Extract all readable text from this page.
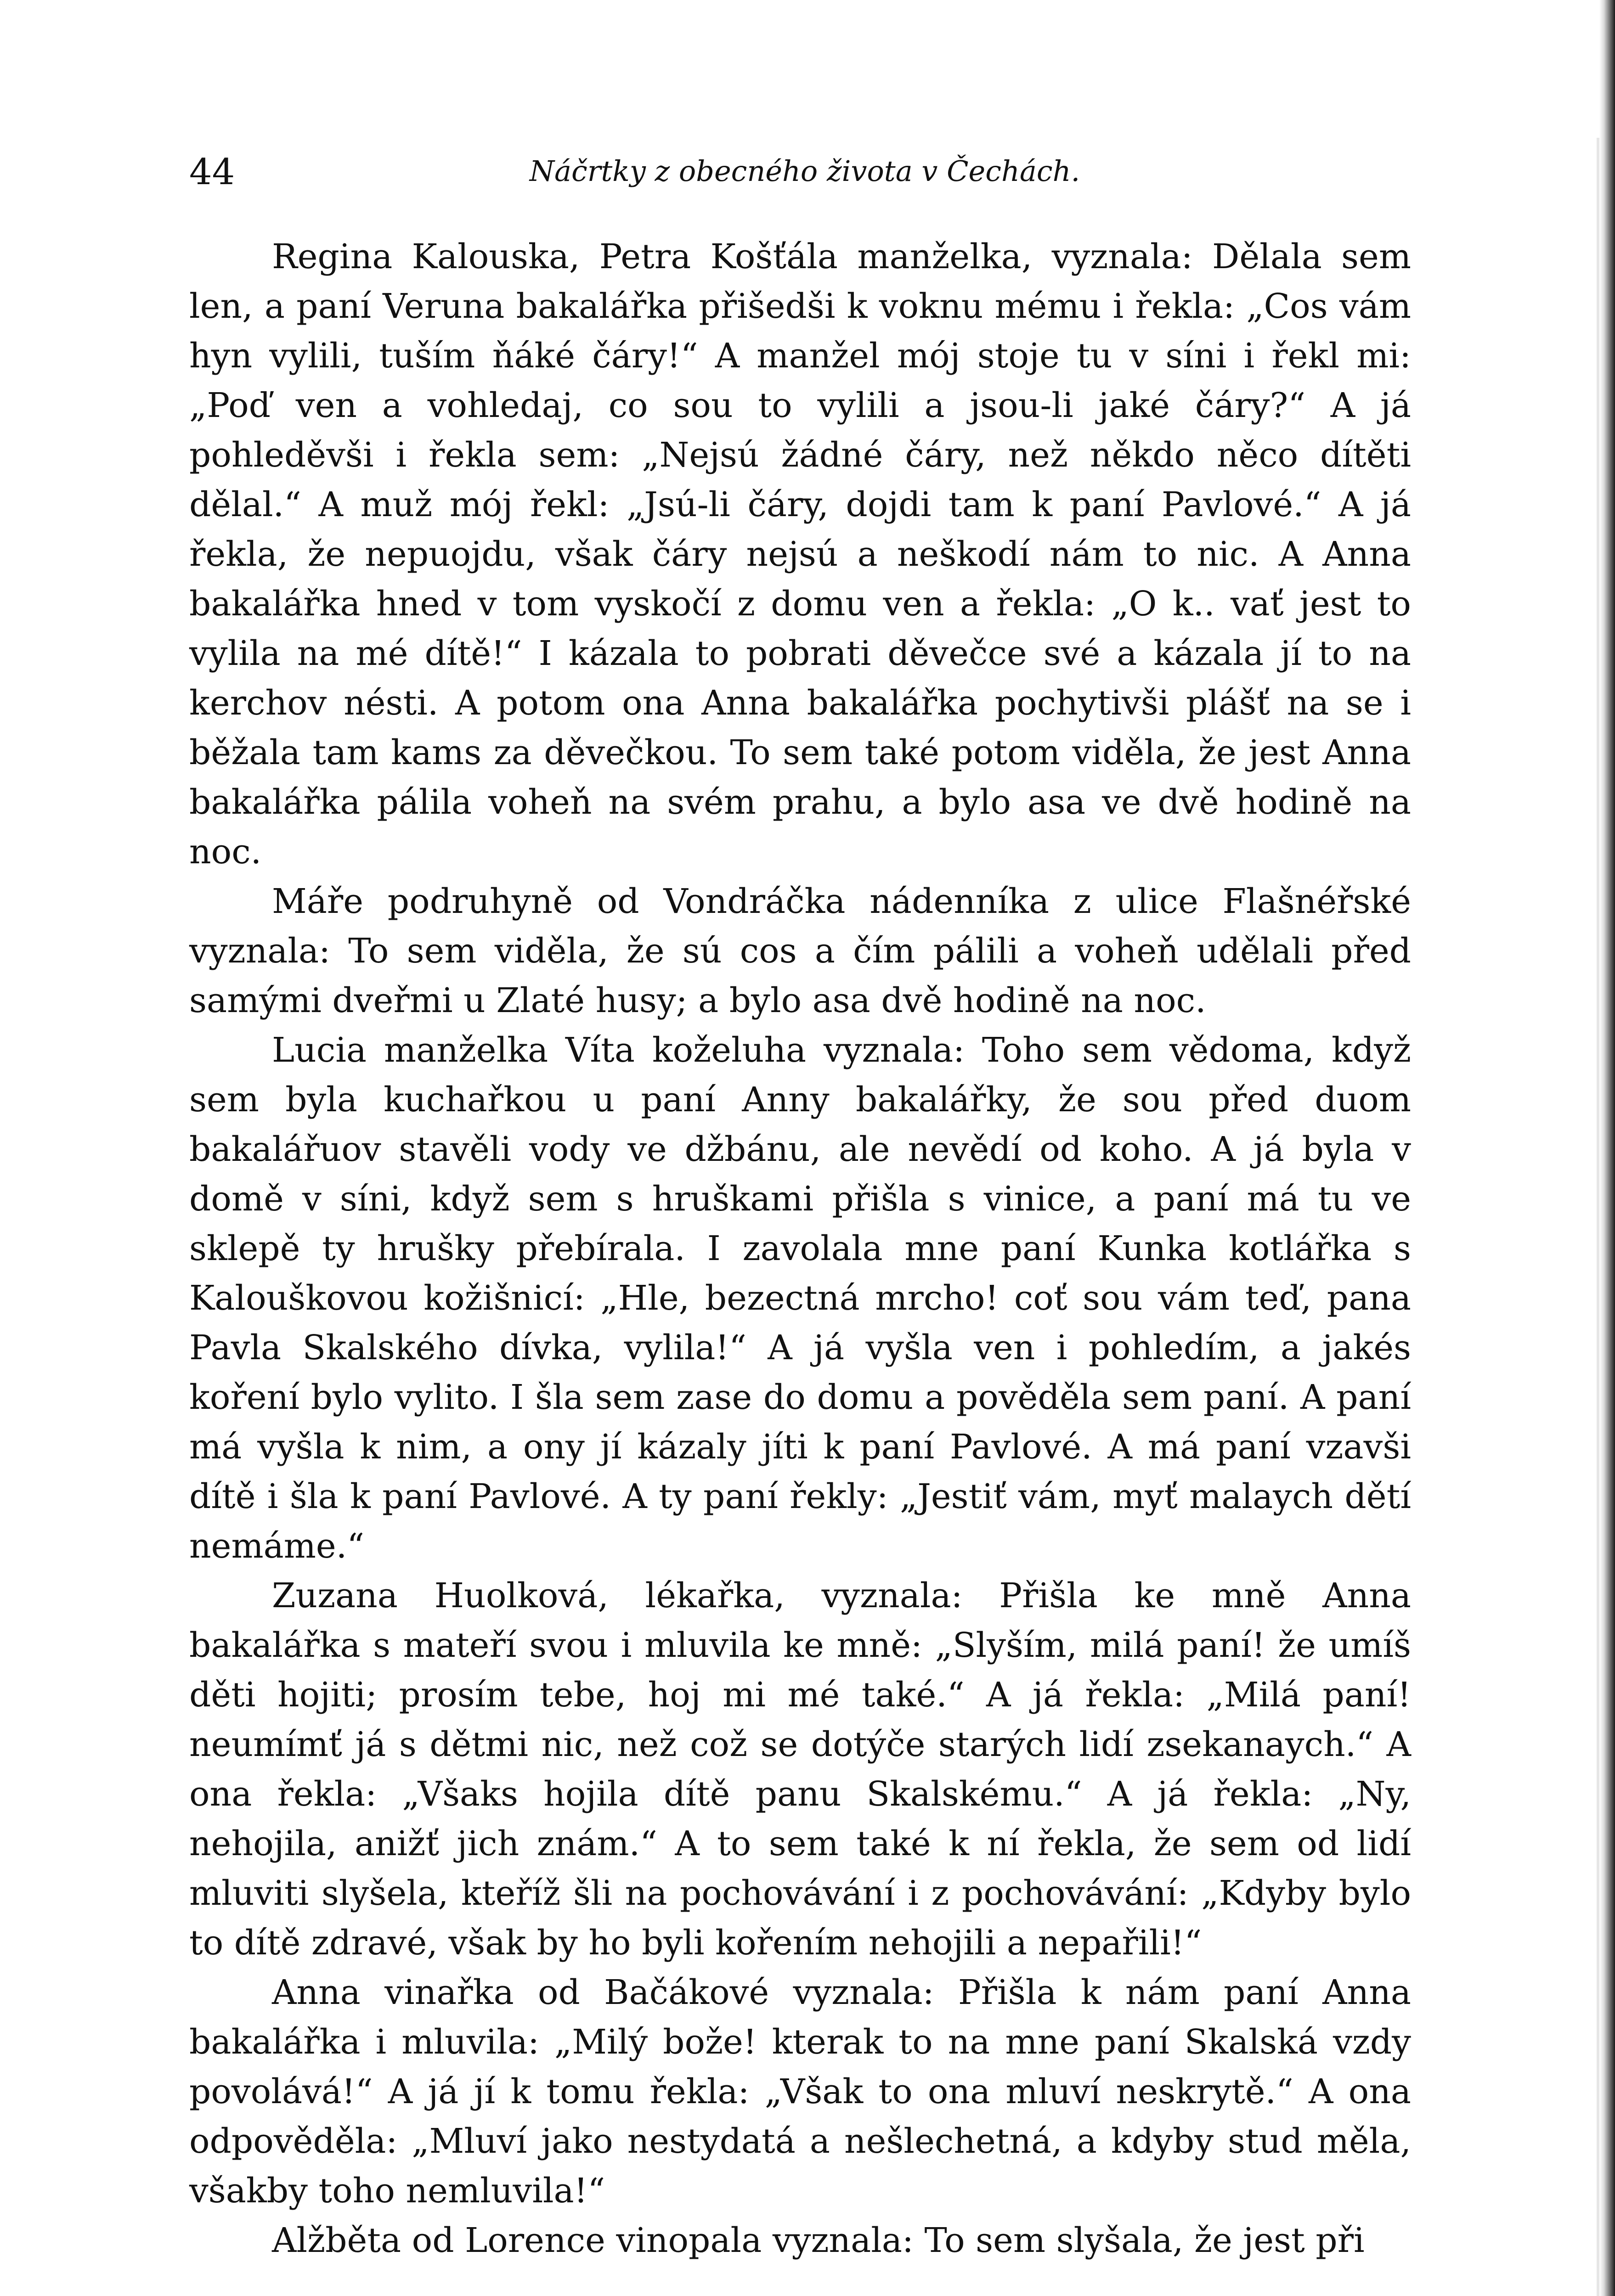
44	Náčrtky z obecného života v Čechách.

Regina Kalouska, Petra Košťála manželka, vyznala: Dělala sem len, a paní Veruna bakalářka přišedši k voknu mému i řekla: „Cos vám hyn vylili, tuším ňáké čáry!“ A manžel mój stoje tu v síni i řekl mi: „Poď ven a vohledaj, co sou to vylili a jsou-li jaké čáry?“ A já pohleděvši i řekla sem: „Nejsú žádné čáry, než někdo něco dítěti dělal.“ A muž mój řekl: „Jsú-li čáry, dojdi tam k paní Pavlové.“ A já řekla, že nepuojdu, však čáry nejsú a neškodí nám to nic. A Anna bakalářka hned v tom vyskočí z domu ven a řekla: „O k.. vať jest to vylila na mé dítě!“ I kázala to pobrati děvečce své a kázala jí to na kerchov nésti. A potom ona Anna bakalářka pochytivši plášť na se i běžala tam kams za děvečkou. To sem také potom viděla, že jest Anna bakalářka pálila voheň na svém prahu, a bylo asa ve dvě hodině na noc.

Máře podruhyně od Vondráčka nádenníka z ulice Flašnéřské vyznala: To sem viděla, že sú cos a čím pálili a voheň udělali před samými dveřmi u Zlaté husy; a bylo asa dvě hodině na noc.

Lucia manželka Víta koželuha vyznala: Toho sem vědoma, když sem byla kuchařkou u paní Anny bakalářky, že sou před duom bakalářuov stavěli vody ve džbánu, ale nevědí od koho. A já byla v domě v síni, když sem s hruškami přišla s vinice, a paní má tu ve sklepě ty hrušky přebírala. I zavolala mne paní Kunka kotlářka s Kalouškovou kožišnicí: „Hle, bezectná mrcho! coť sou vám teď, pana Pavla Skalského dívka, vylila!“ A já vyšla ven i pohledím, a jakés koření bylo vylito. I šla sem zase do domu a pověděla sem paní. A paní má vyšla k nim, a ony jí kázaly jíti k paní Pavlové. A má paní vzavši dítě i šla k paní Pavlové. A ty paní řekly: „Jestiť vám, myť malaych dětí nemáme.“

Zuzana Huolková, lékařka, vyznala: Přišla ke mně Anna bakalářka s mateří svou i mluvila ke mně: „Slyším, milá paní! že umíš děti hojiti; prosím tebe, hoj mi mé také.“ A já řekla: „Milá paní! neumímť já s dětmi nic, než což se dotýče starých lidí zsekanaych.“ A ona řekla: „Všaks hojila dítě panu Skalskému.“ A já řekla: „Ny, nehojila, anižť jich znám.“ A to sem také k ní řekla, že sem od lidí mluviti slyšela, kteříž šli na pochovávání i z pochovávání: „Kdyby bylo to dítě zdravé, však by ho byli kořením nehojili a nepařili!“

Anna vinařka od Bačákové vyznala: Přišla k nám paní Anna bakalářka i mluvila: „Milý bože! kterak to na mne paní Skalská vzdy povolává!“ A já jí k tomu řekla: „Však to ona mluví neskrytě.“ A ona odpověděla: „Mluví jako nestydatá a nešlechetná, a kdyby stud měla, všakby toho nemluvila!“

Alžběta od Lorence vinopala vyznala: To sem slyšala, že jest při
